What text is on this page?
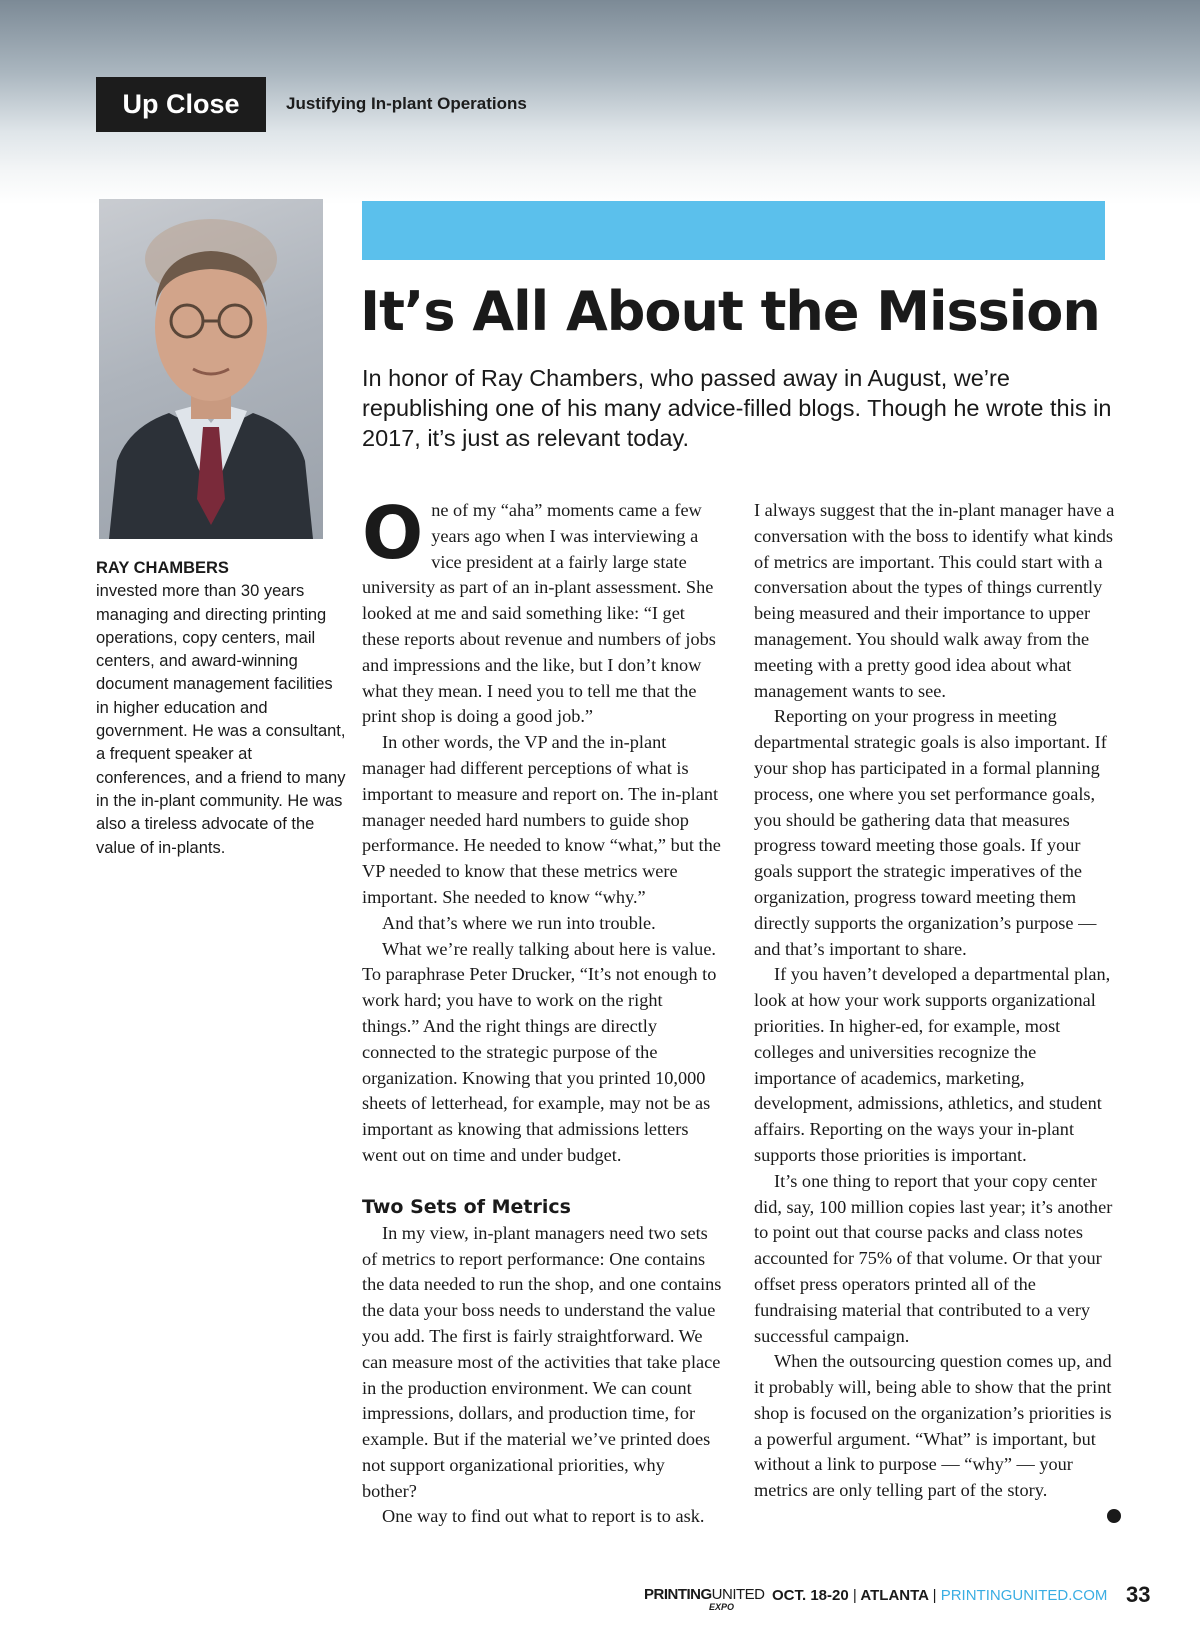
Up Close	Justifying In-plant Operations
It’s All About the Mission

In honor of Ray Chambers, who passed away in August, we’re republishing one of his many advice-filled blogs. Though he wrote this in 2017, it’s just as relevant today.

RAY CHAMBERS
invested more than 30 years managing and directing printing operations, copy centers, mail centers, and award-winning document management facilities in higher education and government. He was a consultant, a frequent speaker at conferences, and a friend to many in the in-plant community. He was also a tireless advocate of the value of in-plants.
O ne of my “aha” moments came a few years ago when I was interviewing a vice president at a fairly large state university as part of an in-plant assessment. She looked at me and said something like: “I get these reports about revenue and numbers of jobs and impressions and the like, but I don’t know what they mean. I need you to tell me that the print shop is doing a good job.”

In other words, the VP and the in-plant manager had different perceptions of what is important to measure and report on. The in-plant manager needed hard numbers to guide shop performance. He needed to know “what,” but the VP needed to know that these metrics were important. She needed to know “why.”

And that’s where we run into trouble.

What we’re really talking about here is value. To paraphrase Peter Drucker, “It’s not enough to work hard; you have to work on the right things.” And the right things are directly connected to the strategic purpose of the organization. Knowing that you printed 10,000 sheets of letterhead, for example, may not be as important as knowing that admissions letters went out on time and under budget.

Two Sets of Metrics

In my view, in-plant managers need two sets of metrics to report performance: One contains the data needed to run the shop, and one contains the data your boss needs to understand the value you add. The first is fairly straightforward. We can measure most of the activities that take place in the production environment. We can count impressions, dollars, and production time, for example. But if the material we’ve printed does not support organizational priorities, why bother?

One way to find out what to report is to ask.

I always suggest that the in-plant manager have a conversation with the boss to identify what kinds of metrics are important. This could start with a conversation about the types of things currently being measured and their importance to upper management. You should walk away from the meeting with a pretty good idea about what management wants to see.

Reporting on your progress in meeting departmental strategic goals is also important. If your shop has participated in a formal planning process, one where you set performance goals, you should be gathering data that measures progress toward meeting those goals. If your goals support the strategic imperatives of the organization, progress toward meeting them directly supports the organization’s purpose — and that’s important to share.

If you haven’t developed a departmental plan, look at how your work supports organizational priorities. In higher-ed, for example, most colleges and universities recognize the importance of academics, marketing, development, admissions, athletics, and student affairs. Reporting on the ways your in-plant supports those priorities is important.

It’s one thing to report that your copy center did, say, 100 million copies last year; it’s another to point out that course packs and class notes accounted for 75% of that volume. Or that your offset press operators printed all of the fundraising material that contributed to a very successful campaign.

When the outsourcing question comes up, and it probably will, being able to show that the print shop is focused on the organization’s priorities is a powerful argument. “What” is important, but without a link to purpose — “why” — your metrics are only telling part of the story.

PRINTINGUNITED
EXPO
OCT. 18-20 | ATLANTA | PRINTINGUNITED.COM 33
